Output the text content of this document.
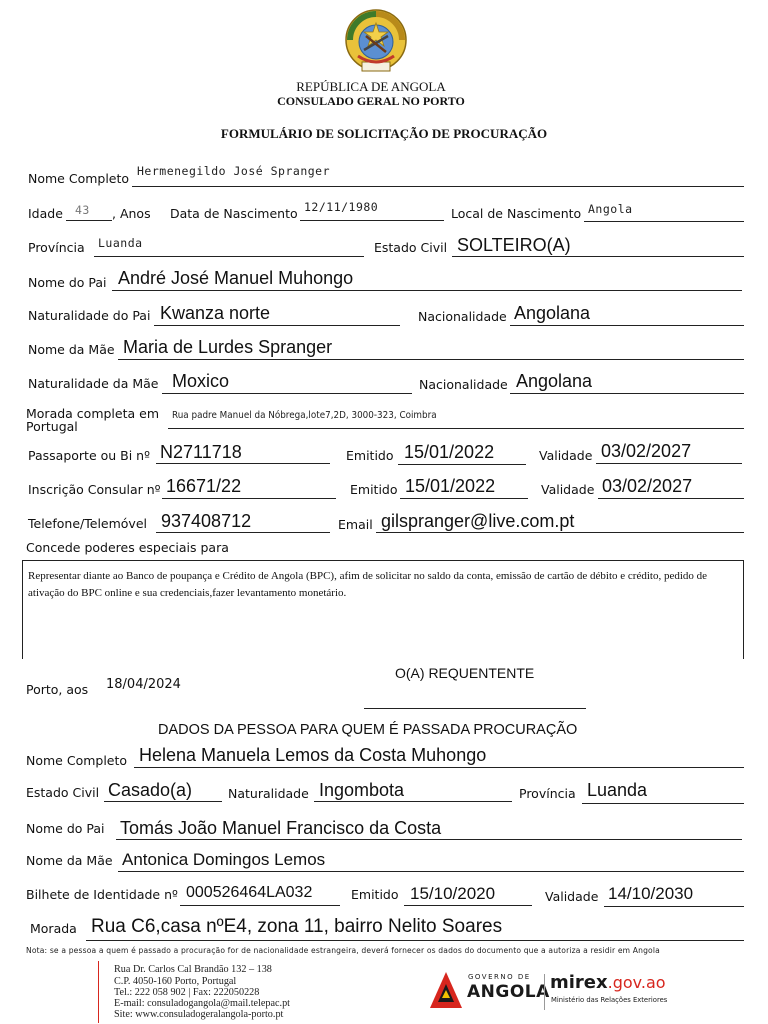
REPÚBLICA DE ANGOLA
CONSULADO GERAL NO PORTO
FORMULÁRIO DE SOLICITAÇÃO DE PROCURAÇÃO
Nome Completo Hermenegildo José Spranger
Idade 43 , Anos Data de Nascimento 12/11/1980	Local de Nascimento Angola
Província Luanda	Estado Civil SOLTEIRO(A)
Nome do Pai André José Manuel Muhongo
Naturalidade do Pai Kwanza norte	Nacionalidade Angolana
Nome da Mãe Maria de Lurdes Spranger
Naturalidade da Mãe Moxico	Nacionalidade Angolana
Morada completa em
Portugal
Rua padre Manuel da Nóbrega,lote7,2D, 3000-323, Coimbra
Passaporte ou Bi nº N2711718	Emitido 15/01/2022	Validade 03/02/2027
Inscrição Consular nº 16671/22	Emitido 15/01/2022	Validade 03/02/2027
Telefone/Telemóvel 937408712	Email gilspranger@live.com.pt
Concede poderes especiais para
Representar diante ao Banco de poupança e Crédito de Angola (BPC), afim de solicitar no saldo da conta, emissão de cartão de débito e crédito, pedido de ativação do BPC online e sua credenciais,fazer levantamento monetário.
Porto, aos 18/04/2024
O(A) REQUENTENTE
DADOS DA PESSOA PARA QUEM É PASSADA PROCURAÇÃO
Nome Completo Helena Manuela Lemos da Costa Muhongo
Estado Civil Casado(a)	Naturalidade Ingombota	Província Luanda
Nome do Pai Tomás João Manuel Francisco da Costa
Nome da Mãe Antonica Domingos Lemos
Bilhete de Identidade nº 000526464LA032	Emitido 15/10/2020	Validade 14/10/2030
Morada Rua C6,casa nºE4, zona 11, bairro Nelito Soares
Nota: se a pessoa a quem é passado a procuração for de nacionalidade estrangeira, deverá fornecer os dados do documento que a autoriza a residir em Angola
Rua Dr. Carlos Cal Brandão 132 – 138
C.P. 4050-160 Porto, Portugal
Tel.: 222 058 902 | Fax: 222050228
E-mail: consuladogangola@mail.telepac.pt
Site: www.consuladogeralangola-porto.pt
GOVERNO DE
ANGOLA mirex.gov.ao
Ministério das Relações Exteriores
